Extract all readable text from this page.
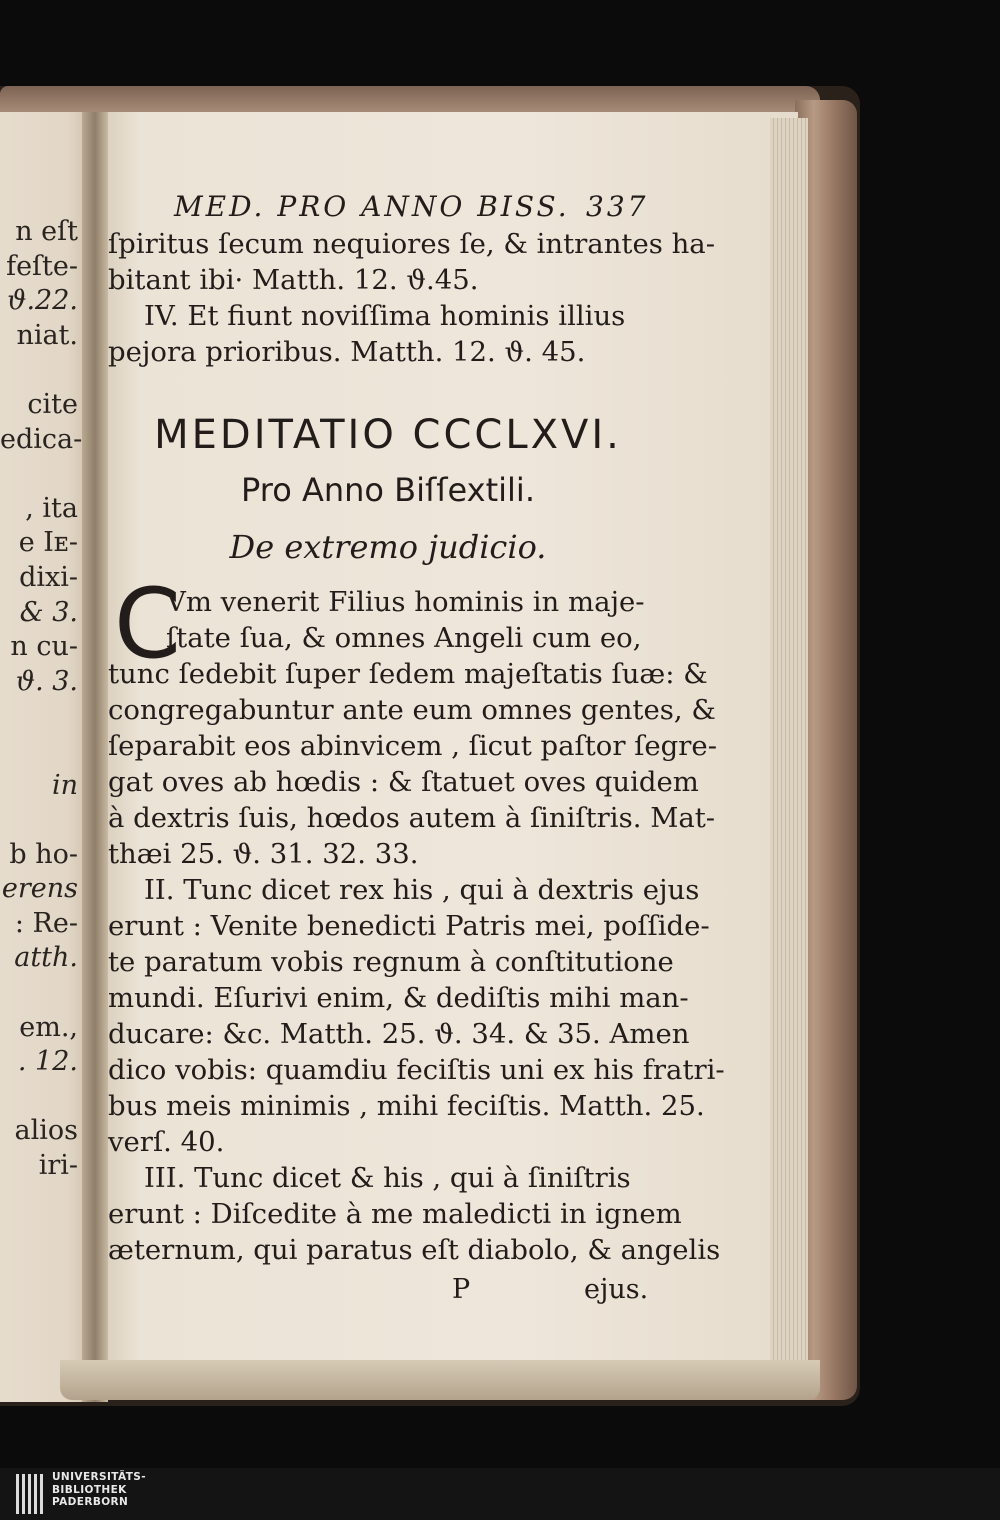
n eſt
feſte-
ϑ.22.
niat.
cite
edica-
, ita
e Iᴇ-
dixi-
& 3.
n cu-
ϑ. 3.
in
b ho-
erens
: Re-
atth.
em.,
. 12.
alios
iri-
MED. PRO ANNO BISS. 337
ſpiritus ſecum nequiores ſe, & intrantes ha-
bitant ibi· Matth. 12. ϑ.45.
IV. Et fiunt noviſſima hominis illius
pejora prioribus. Matth. 12. ϑ. 45.
MEDITATIO CCCLXVI.
Pro Anno Biſſextili.
De extremo judicio.
C
Vm venerit Filius hominis in maje-
ſtate ſua, & omnes Angeli cum eo,
tunc ſedebit ſuper ſedem majeſtatis ſuæ: &
congregabuntur ante eum omnes gentes, &
ſeparabit eos abinvicem , ſicut paſtor ſegre-
gat oves ab hœdis : & ſtatuet oves quidem
à dextris ſuis, hœdos autem à ſiniſtris. Mat-
thæi 25. ϑ. 31. 32. 33.
II. Tunc dicet rex his , qui à dextris ejus
erunt : Venite benedicti Patris mei, poſſide-
te paratum vobis regnum à conſtitutione
mundi. Eſurivi enim, & dediſtis mihi man-
ducare: &c. Matth. 25. ϑ. 34. & 35. Amen
dico vobis: quamdiu feciſtis uni ex his fratri-
bus meis minimis , mihi feciſtis. Matth. 25.
verſ. 40.
III. Tunc dicet & his , qui à ſiniſtris
erunt : Diſcedite à me maledicti in ignem
æternum, qui paratus eſt diabolo, & angelis
P	ejus.
UNIVERSITÄTS-
BIBLIOTHEK
PADERBORN
